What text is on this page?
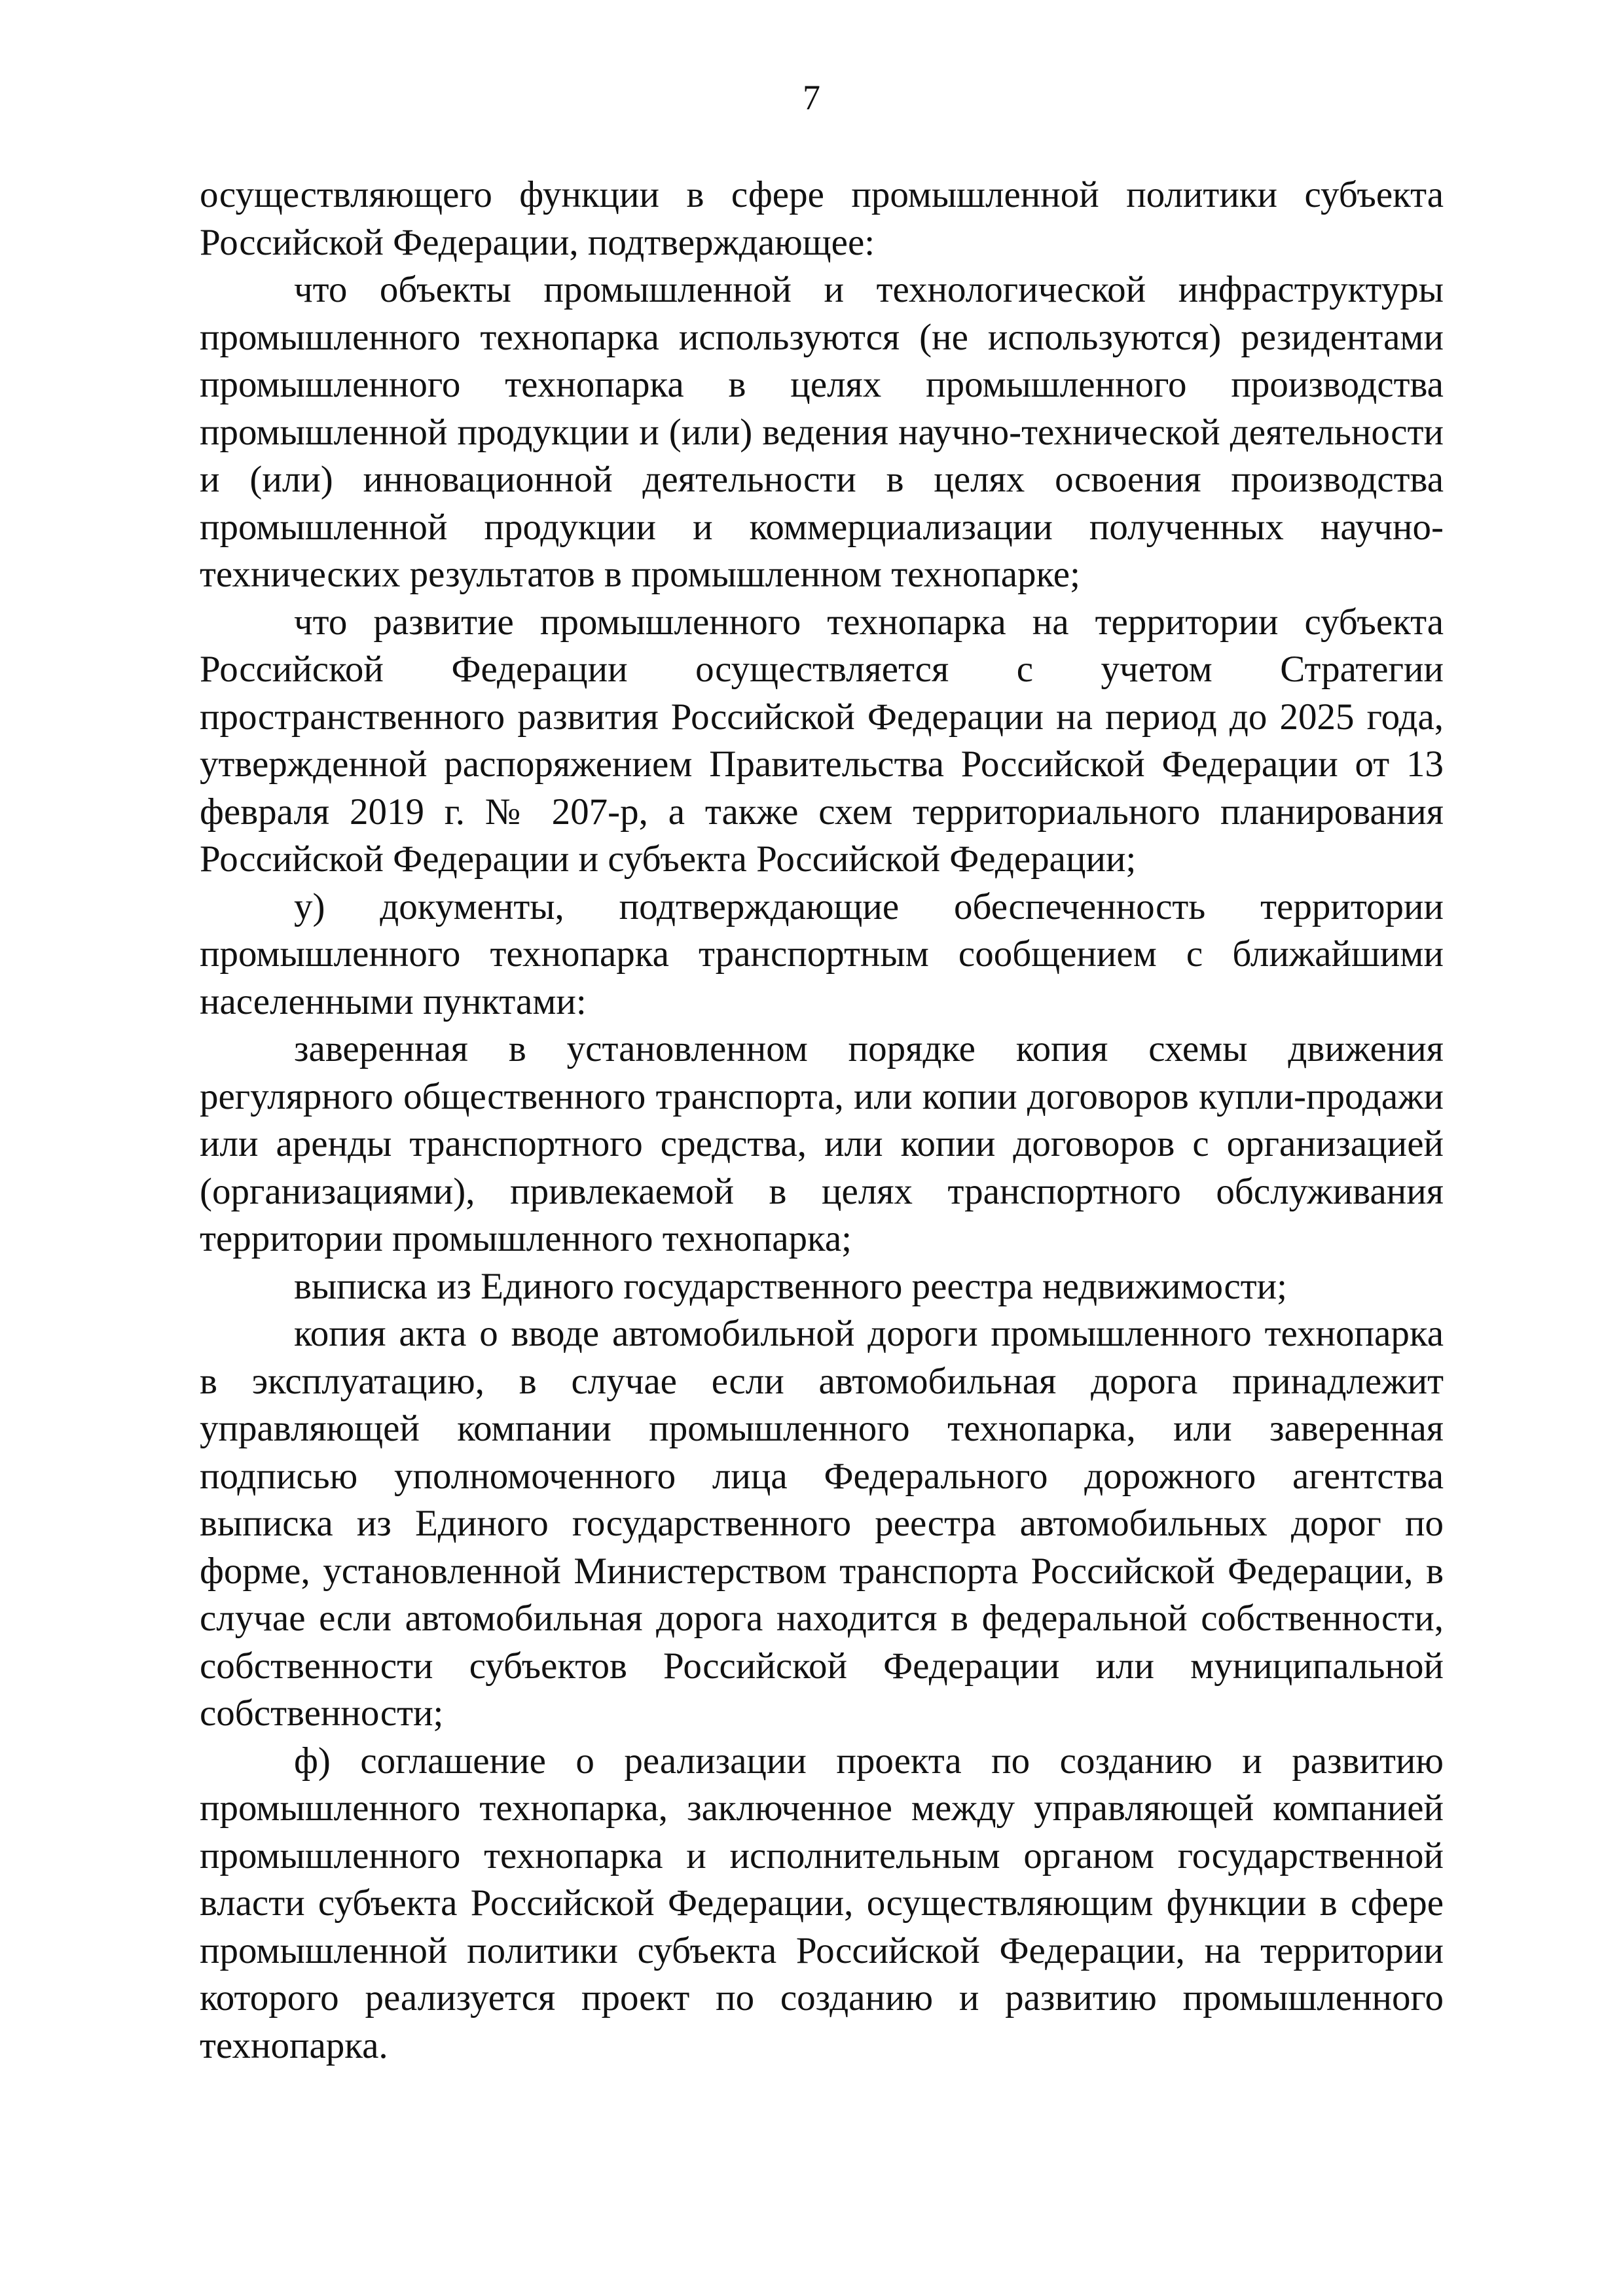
7

осуществляющего функции в сфере промышленной политики субъекта Российской Федерации, подтверждающее:

что объекты промышленной и технологической инфраструктуры промышленного технопарка используются (не используются) резидентами промышленного технопарка в целях промышленного производства промышленной продукции и (или) ведения научно-технической деятельности и (или) инновационной деятельности в целях освоения производства промышленной продукции и коммерциализации полученных научно-технических результатов в промышленном технопарке;

что развитие промышленного технопарка на территории субъекта Российской Федерации осуществляется с учетом Стратегии пространственного развития Российской Федерации на период до 2025 года, утвержденной распоряжением Правительства Российской Федерации от 13 февраля 2019 г. № 207-р, а также схем территориального планирования Российской Федерации и субъекта Российской Федерации;

у) документы, подтверждающие обеспеченность территории промышленного технопарка транспортным сообщением с ближайшими населенными пунктами:

заверенная в установленном порядке копия схемы движения регулярного общественного транспорта, или копии договоров купли-продажи или аренды транспортного средства, или копии договоров с организацией (организациями), привлекаемой в целях транспортного обслуживания территории промышленного технопарка;

выписка из Единого государственного реестра недвижимости;

копия акта о вводе автомобильной дороги промышленного технопарка в эксплуатацию, в случае если автомобильная дорога принадлежит управляющей компании промышленного технопарка, или заверенная подписью уполномоченного лица Федерального дорожного агентства выписка из Единого государственного реестра автомобильных дорог по форме, установленной Министерством транспорта Российской Федерации, в случае если автомобильная дорога находится в федеральной собственности, собственности субъектов Российской Федерации или муниципальной собственности;

ф) соглашение о реализации проекта по созданию и развитию промышленного технопарка, заключенное между управляющей компанией промышленного технопарка и исполнительным органом государственной власти субъекта Российской Федерации, осуществляющим функции в сфере промышленной политики субъекта Российской Федерации, на территории которого реализуется проект по созданию и развитию промышленного технопарка.
